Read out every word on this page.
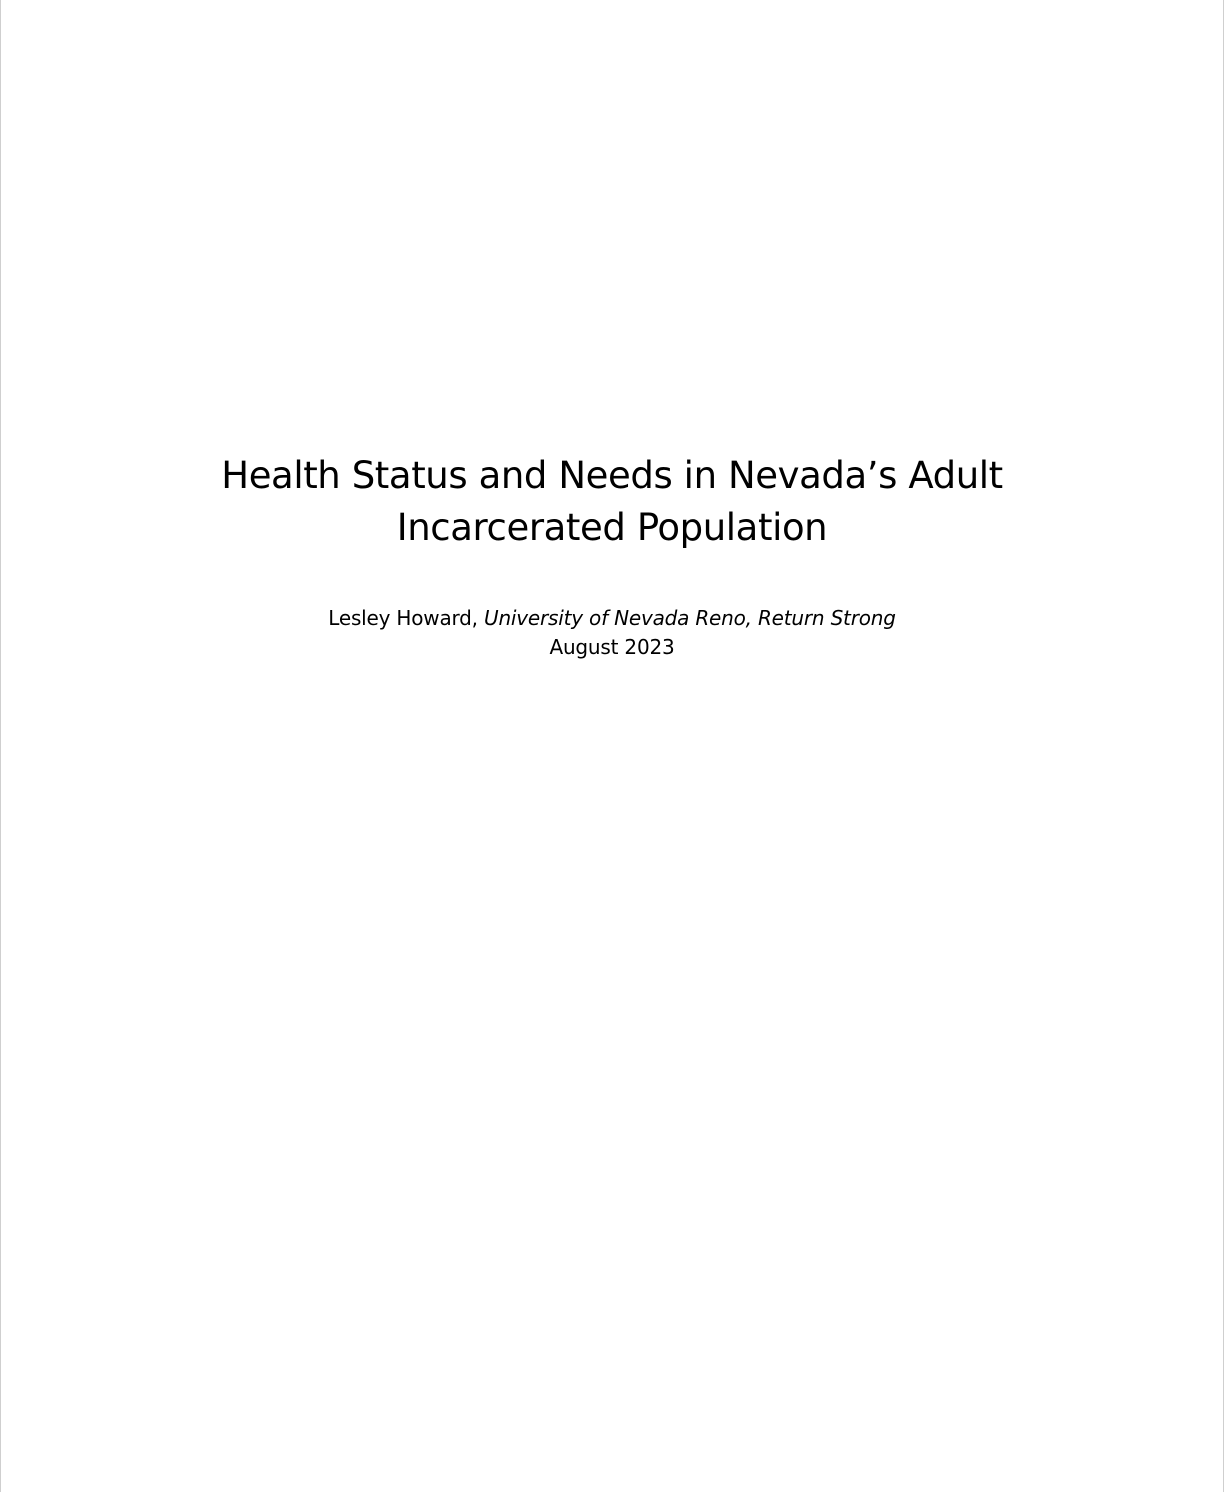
Health Status and Needs in Nevada’s Adult
Incarcerated Population
Lesley Howard, University of Nevada Reno, Return Strong
August 2023
